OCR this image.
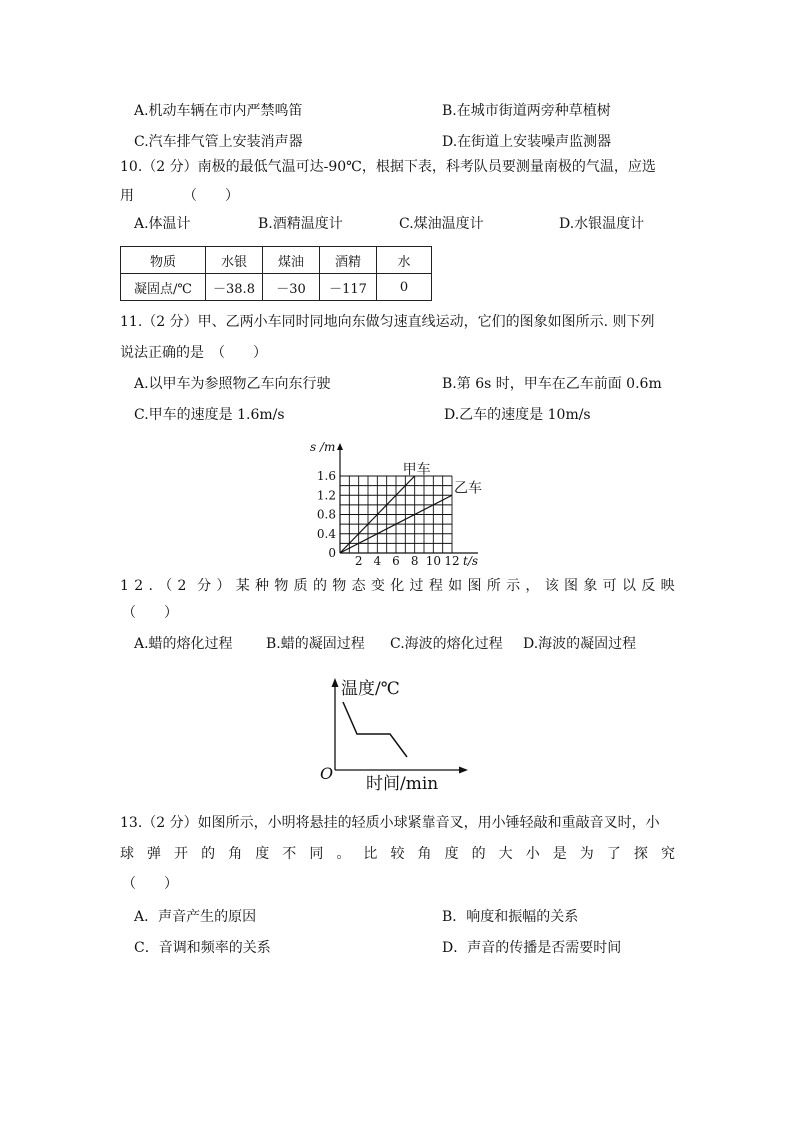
A.机动车辆在市内严禁鸣笛	B.在城市街道两旁种草植树
C.汽车排气管上安装消声器	D.在街道上安装噪声监测器
10.（2 分）南极的最低气温可达-90℃，根据下表，科考队员要测量南极的气温，应选
用　　　　（　　）
A.体温计	B.酒精温度计	C.煤油温度计	D.水银温度计
物质	水银	煤油	酒精	水
凝固点/℃	－38.8	－30	－117	0
11.（2 分）甲、乙两小车同时同地向东做匀速直线运动，它们的图象如图所示. 则下列
说法正确的是　（　　）
A.以甲车为参照物乙车向东行驶	B.第 6s 时，甲车在乙车前面 0.6m
C.甲车的速度是 1.6m/s	D.乙车的速度是 10m/s
甲车
乙车
2 4 6 8 10 12
0
0.4
0.8
1.2
1.6
s /m
t/s
1 2 . （ 2 分 ） 某 种 物 质 的 物 态 变 化 过 程 如 图 所 示 ， 该 图 象 可 以 反 映
（　　）
A.蜡的熔化过程 B.蜡的凝固过程 C.海波的熔化过程 D.海波的凝固过程
温度/℃
O
时间/min
13.（2 分）如图所示，小明将悬挂的轻质小球紧靠音叉，用小锤轻敲和重敲音叉时，小
球 弹 开 的 角 度 不 同 。 比 较 角 度 的 大 小 是 为 了 探 究
（　　）
A．声音产生的原因	B．响度和振幅的关系
C．音调和频率的关系	D．声音的传播是否需要时间
